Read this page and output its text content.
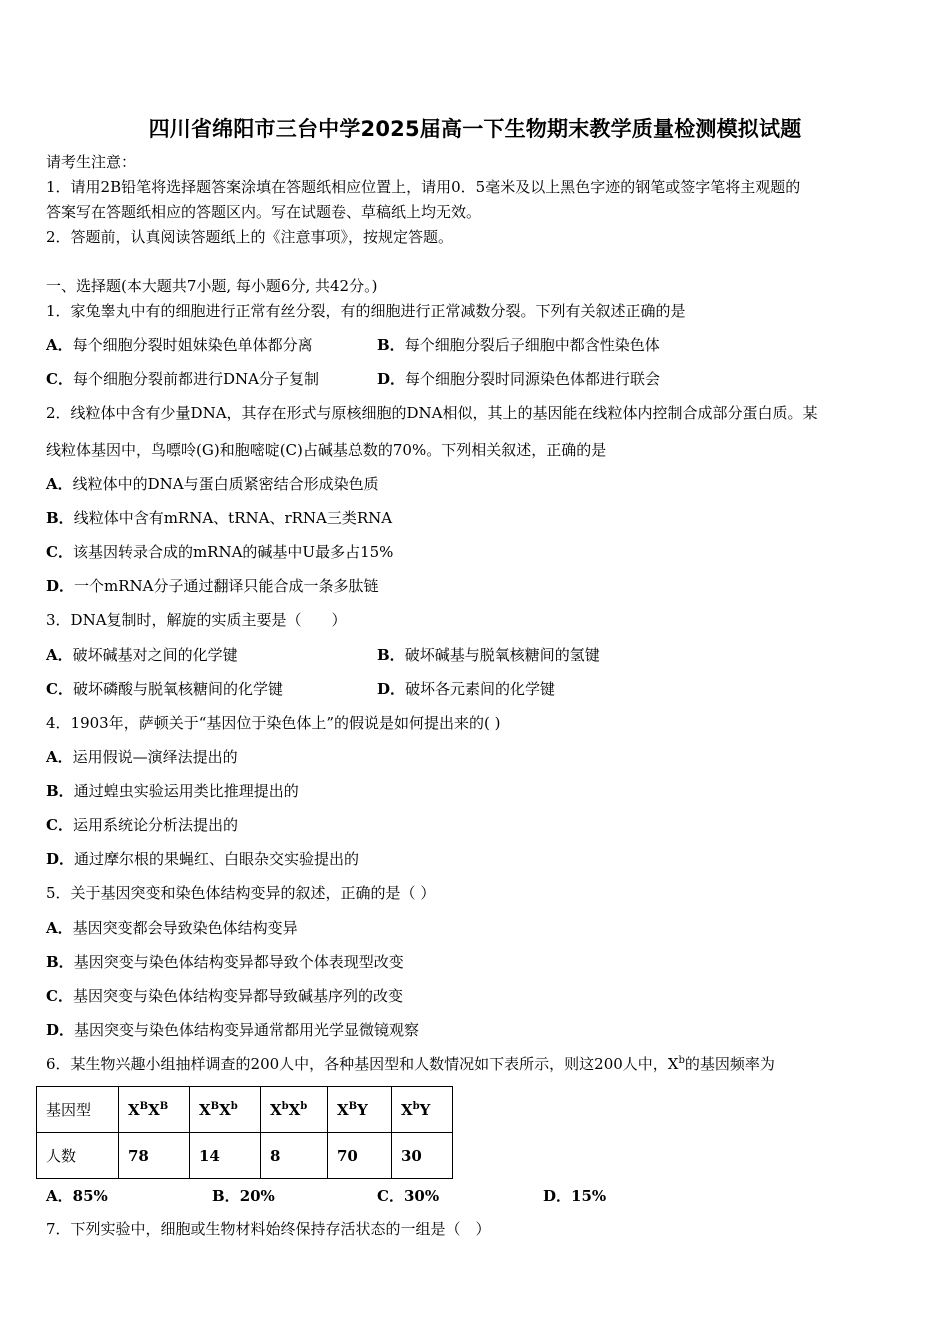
四川省绵阳市三台中学2025届高一下生物期末教学质量检测模拟试题
请考生注意：
1．请用2B铅笔将选择题答案涂填在答题纸相应位置上，请用0．5毫米及以上黑色字迹的钢笔或签字笔将主观题的
答案写在答题纸相应的答题区内。写在试题卷、草稿纸上均无效。
2．答题前，认真阅读答题纸上的《注意事项》，按规定答题。
一、选择题(本大题共7小题, 每小题6分, 共42分。)
1．家兔睾丸中有的细胞进行正常有丝分裂，有的细胞进行正常减数分裂。下列有关叙述正确的是
A．每个细胞分裂时姐妹染色单体都分离	B．每个细胞分裂后子细胞中都含性染色体
C．每个细胞分裂前都进行DNA分子复制	D．每个细胞分裂时同源染色体都进行联会
2．线粒体中含有少量DNA，其存在形式与原核细胞的DNA相似，其上的基因能在线粒体内控制合成部分蛋白质。某
线粒体基因中，鸟嘌呤(G)和胞嘧啶(C)占碱基总数的70%。下列相关叙述，正确的是
A．线粒体中的DNA与蛋白质紧密结合形成染色质
B．线粒体中含有mRNA、tRNA、rRNA三类RNA
C．该基因转录合成的mRNA的碱基中U最多占15%
D．一个mRNA分子通过翻译只能合成一条多肽链
3．DNA复制时，解旋的实质主要是（　　）
A．破坏碱基对之间的化学键	B．破坏碱基与脱氧核糖间的氢键
C．破坏磷酸与脱氧核糖间的化学键	D．破坏各元素间的化学键
4．1903年，萨顿关于“基因位于染色体上”的假说是如何提出来的( )
A．运用假说—演绎法提出的
B．通过蝗虫实验运用类比推理提出的
C．运用系统论分析法提出的
D．通过摩尔根的果蝇红、白眼杂交实验提出的
5．关于基因突变和染色体结构变异的叙述，正确的是（ ）
A．基因突变都会导致染色体结构变异
B．基因突变与染色体结构变异都导致个体表现型改变
C．基因突变与染色体结构变异都导致碱基序列的改变
D．基因突变与染色体结构变异通常都用光学显微镜观察
6．某生物兴趣小组抽样调查的200人中，各种基因型和人数情况如下表所示，则这200人中，$X^b$的基因频率为
基因型	$X^BX^B$	$X^BX^b$	$X^bX^b$	$X^BY$	$X^bY$
人数	78	14	8	70	30
A．85%	B．20%	C．30%	D．15%
7．下列实验中，细胞或生物材料始终保持存活状态的一组是（　）
